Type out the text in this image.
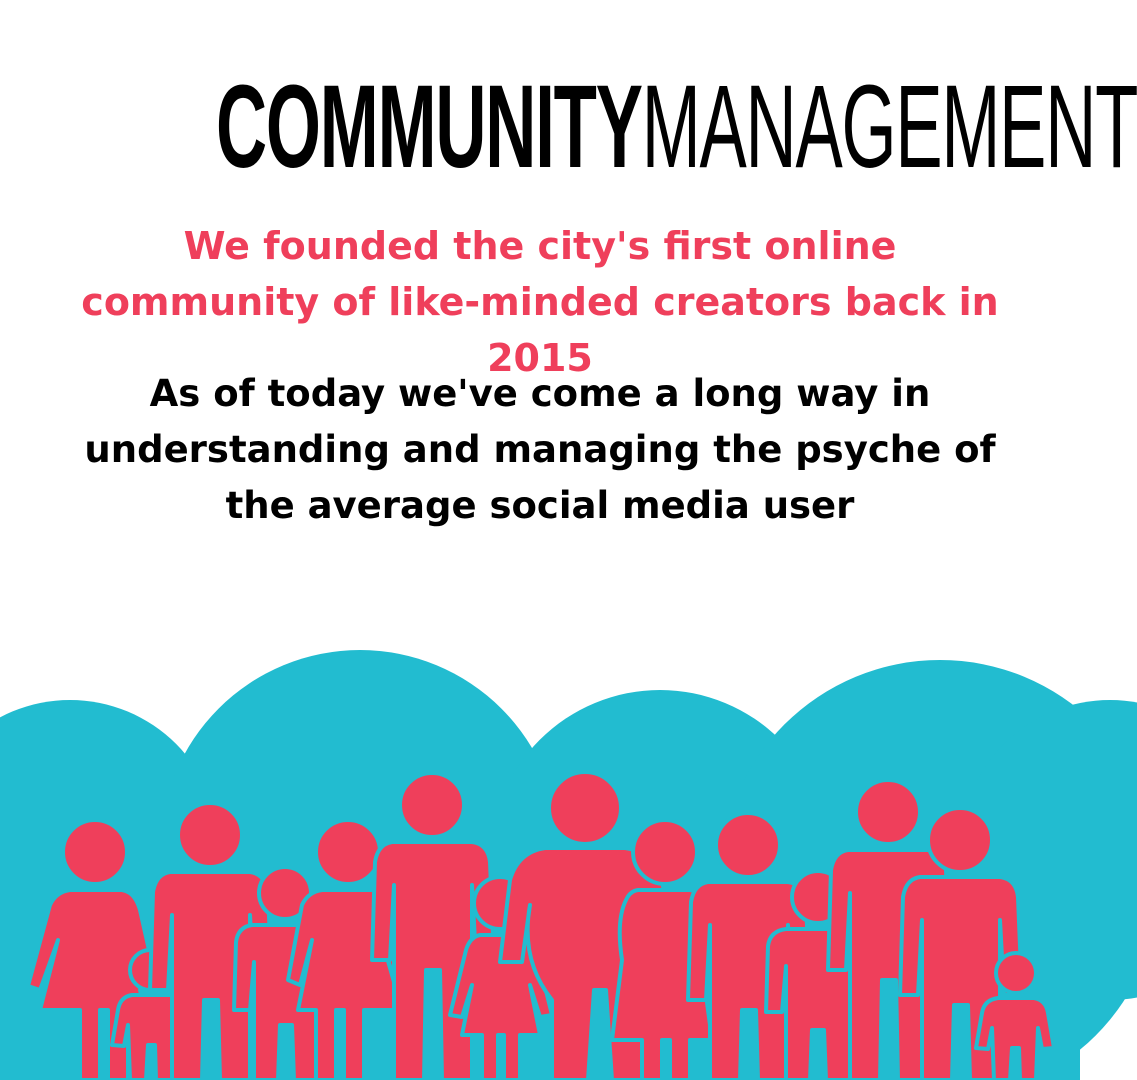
COMMUNITYMANAGEMENT
We founded the city's first online community of like-minded creators back in 2015
As of today we've come a long way in understanding and managing the psyche of the average social media user
